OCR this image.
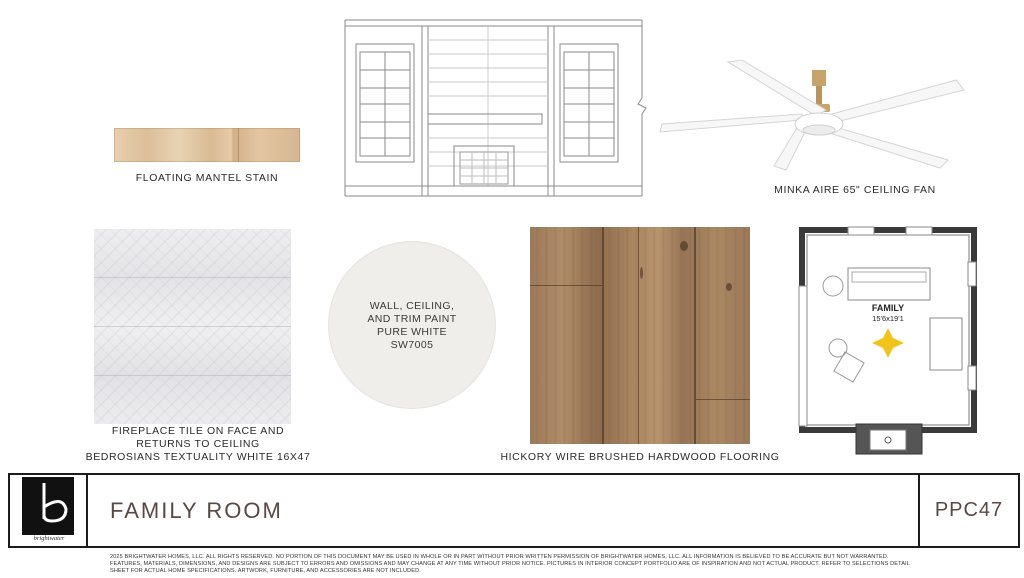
FLOATING MANTEL STAIN
MINKA AIRE 65" CEILING FAN
FIREPLACE TILE ON FACE AND
RETURNS TO CEILING
BEDROSIANS TEXTUALITY WHITE 16X47
WALL, CEILING,
AND TRIM PAINT
PURE WHITE
SW7005
HICKORY WIRE BRUSHED HARDWOOD FLOORING
FAMILY
15'6x19'1
brightwater
FAMILY ROOM	PPC47
2025 BRIGHTWATER HOMES, LLC. ALL RIGHTS RESERVED. NO PORTION OF THIS DOCUMENT MAY BE USED IN WHOLE OR IN PART WITHOUT PRIOR WRITTEN PERMISSION OF BRIGHTWATER HOMES, LLC. ALL INFORMATION IS BELIEVED TO BE ACCURATE BUT NOT WARRANTED. FEATURES, MATERIALS, DIMENSIONS, AND DESIGNS ARE SUBJECT TO ERRORS AND OMISSIONS AND MAY CHANGE AT ANY TIME WITHOUT PRIOR NOTICE. PICTURES IN INTERIOR CONCEPT PORTFOLIO ARE OF INSPIRATION AND NOT ACTUAL PRODUCT. REFER TO SELECTIONS DETAIL SHEET FOR ACTUAL HOME SPECIFICATIONS. ARTWORK, FURNITURE, AND ACCESSORIES ARE NOT INCLUDED.
